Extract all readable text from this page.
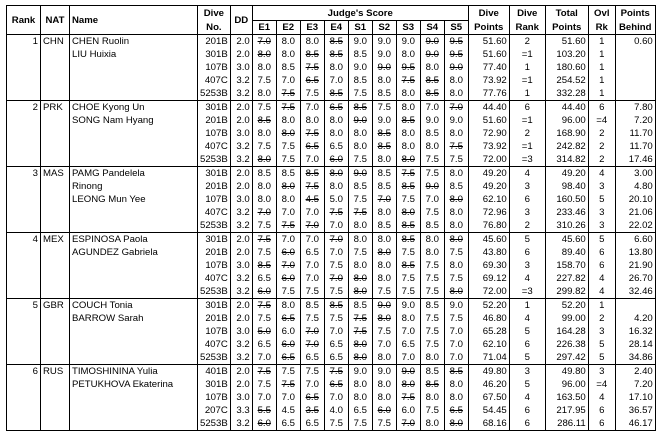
Rank	NAT	Name	Dive	DD	Judge's Score									Dive	Dive	Total	Ovl	Points
			No.		E1	E2	E3	E4	S1	S2	S3	S4	S5	Points	Rank	Points	Rk	Behind
1	CHN	CHEN Ruolin	201B	2.0	7.0	8.0	8.0	8.5	9.0	9.0	9.0	9.0	9.5	51.60	2	51.60	1	0.60
		LIU Huixia	301B	2.0	8.0	8.0	8.5	8.5	8.5	9.0	8.0	9.0	9.5	51.60	=1	103.20	1	
			107B	3.0	8.0	8.5	7.5	8.0	9.0	9.0	9.5	8.0	9.0	77.40	1	180.60	1	
			407C	3.2	7.5	7.0	6.5	7.0	8.5	8.0	7.5	8.5	8.0	73.92	=1	254.52	1	
			5253B	3.2	8.0	7.5	7.5	8.5	7.5	8.5	8.0	8.5	8.0	77.76	1	332.28	1	
2	PRK	CHOE Kyong Un	301B	2.0	7.5	7.5	7.0	6.5	8.5	7.5	8.0	7.0	7.0	44.40	6	44.40	6	7.80
		SONG Nam Hyang	201B	2.0	8.5	8.0	8.0	8.0	9.0	9.0	8.5	9.0	9.0	51.60	=1	96.00	=4	7.20
			107B	3.0	8.0	8.0	7.5	8.0	8.0	8.5	8.0	8.5	8.0	72.90	2	168.90	2	11.70
			407C	3.2	7.5	7.5	6.5	6.5	8.0	8.5	8.0	8.0	7.5	73.92	=1	242.82	2	11.70
			5253B	3.2	8.0	7.5	7.0	6.0	7.5	8.0	8.0	7.5	7.5	72.00	=3	314.82	2	17.46
3	MAS	PAMG Pandelela	301B	2.0	8.5	8.5	8.5	8.0	9.0	8.5	7.5	7.5	8.0	49.20	4	49.20	4	3.00
		Rinong	201B	2.0	8.0	8.0	7.5	8.0	8.5	8.5	8.5	9.0	8.5	49.20	3	98.40	3	4.80
		LEONG Mun Yee	107B	3.0	8.0	8.0	4.5	5.0	7.5	7.0	7.5	7.0	8.0	62.10	6	160.50	5	20.10
			407C	3.2	7.0	7.0	7.0	7.5	7.5	8.0	8.0	7.5	8.0	72.96	3	233.46	3	21.06
			5253B	3.2	7.5	7.5	7.0	7.0	8.0	8.5	8.5	8.5	8.0	76.80	2	310.26	3	22.02
4	MEX	ESPINOSA Paola	301B	2.0	7.5	7.0	7.0	7.0	8.0	8.0	8.5	8.0	8.0	45.60	5	45.60	5	6.60
		AGUNDEZ Gabriela	201B	2.0	7.5	6.0	6.5	7.0	7.5	8.0	7.5	8.0	7.5	43.80	6	89.40	6	13.80
			107B	3.0	8.5	7.0	7.0	7.5	8.0	8.0	8.5	7.5	8.0	69.30	3	158.70	6	21.90
			407C	3.2	6.5	6.0	7.0	7.0	8.0	8.0	7.5	7.5	7.5	69.12	4	227.82	4	26.70
			5253B	3.2	6.0	7.5	7.5	7.5	8.0	7.5	7.5	7.5	8.0	72.00	=3	299.82	4	32.46
5	GBR	COUCH Tonia	301B	2.0	7.5	8.0	8.5	8.5	8.5	9.0	9.0	8.5	9.0	52.20	1	52.20	1	
		BARROW Sarah	201B	2.0	7.5	6.5	7.5	7.5	7.5	8.0	8.0	7.5	7.5	46.80	4	99.00	2	4.20
			107B	3.0	5.0	6.0	7.0	7.0	7.5	7.5	7.0	7.5	7.0	65.28	5	164.28	3	16.32
			407C	3.2	6.5	6.0	7.0	6.5	8.0	7.0	6.5	7.5	7.0	62.10	6	226.38	5	28.14
			5253B	3.2	7.0	6.5	6.5	6.5	8.0	8.0	7.0	8.0	7.0	71.04	5	297.42	5	34.86
6	RUS	TIMOSHININA Yulia	401B	2.0	7.5	7.5	7.5	7.5	9.0	9.0	9.0	8.5	8.5	49.80	3	49.80	3	2.40
		PETUKHOVA Ekaterina	301B	2.0	7.5	7.5	7.0	6.5	8.0	8.0	8.0	8.5	8.0	46.20	5	96.00	=4	7.20
			107B	3.0	7.0	7.0	6.5	7.0	8.0	8.0	7.5	8.0	8.0	67.50	4	163.50	4	17.10
			207C	3.3	5.5	4.5	3.5	4.0	6.5	6.0	6.0	7.5	6.5	54.45	6	217.95	6	36.57
			5253B	3.2	6.0	6.5	6.5	7.5	7.5	7.5	7.0	8.0	8.0	68.16	6	286.11	6	46.17
